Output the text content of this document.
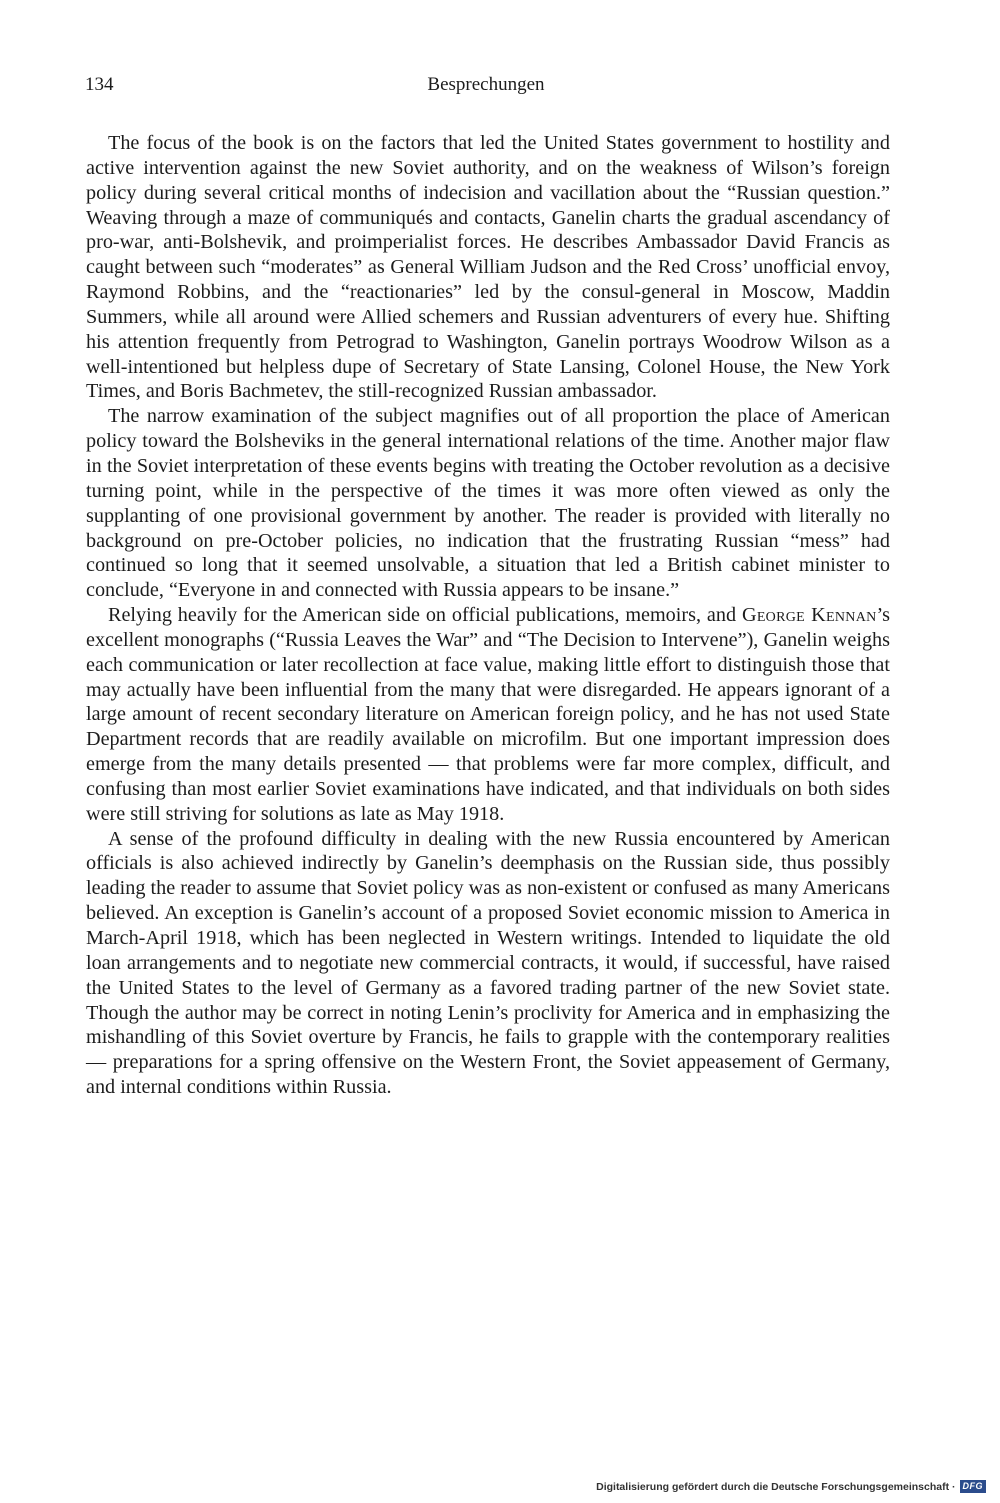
134	Besprechungen

The focus of the book is on the factors that led the United States government to hostility and active intervention against the new Soviet authority, and on the weakness of Wilson’s foreign policy during several critical months of indecision and vacillation about the “Russian question.” Weaving through a maze of communiqués and contacts, Ganelin charts the gradual ascendancy of pro-war, anti-Bolshevik, and proimperialist forces. He describes Ambassador David Francis as caught between such “moderates” as General William Judson and the Red Cross’ unofficial envoy, Raymond Robbins, and the “reactionaries” led by the consul-general in Moscow, Maddin Summers, while all around were Allied schemers and Russian adventurers of every hue. Shifting his attention frequently from Petrograd to Washington, Ganelin portrays Woodrow Wilson as a well-intentioned but helpless dupe of Secretary of State Lansing, Colonel House, the New York Times, and Boris Bachmetev, the still-recognized Russian ambassador.

The narrow examination of the subject magnifies out of all proportion the place of American policy toward the Bolsheviks in the general international relations of the time. Another major flaw in the Soviet interpretation of these events begins with treating the October revolution as a decisive turning point, while in the perspective of the times it was more often viewed as only the supplanting of one provisional government by another. The reader is provided with literally no background on pre-October policies, no indication that the frustrating Russian “mess” had continued so long that it seemed unsolvable, a situation that led a British cabinet minister to conclude, “Everyone in and connected with Russia appears to be insane.”

Relying heavily for the American side on official publications, memoirs, and George Kennan’s excellent monographs (“Russia Leaves the War” and “The Decision to Intervene”), Ganelin weighs each communication or later recollection at face value, making little effort to distinguish those that may actually have been influential from the many that were disregarded. He appears ignorant of a large amount of recent secondary literature on American foreign policy, and he has not used State Department records that are readily available on microfilm. But one important impression does emerge from the many details presented — that problems were far more complex, difficult, and confusing than most earlier Soviet examinations have indicated, and that individuals on both sides were still striving for solutions as late as May 1918.

A sense of the profound difficulty in dealing with the new Russia encountered by American officials is also achieved indirectly by Ganelin’s deemphasis on the Russian side, thus possibly leading the reader to assume that Soviet policy was as non-existent or confused as many Americans believed. An exception is Ganelin’s account of a proposed Soviet economic mission to America in March-April 1918, which has been neglected in Western writings. Intended to liquidate the old loan arrangements and to negotiate new commercial contracts, it would, if successful, have raised the United States to the level of Germany as a favored trading partner of the new Soviet state. Though the author may be correct in noting Lenin’s proclivity for America and in emphasizing the mishandling of this Soviet overture by Francis, he fails to grapple with the contemporary realities — preparations for a spring offensive on the Western Front, the Soviet appeasement of Germany, and internal conditions within Russia.

Digitalisierung gefördert durch die Deutsche Forschungsgemeinschaft · DFG
